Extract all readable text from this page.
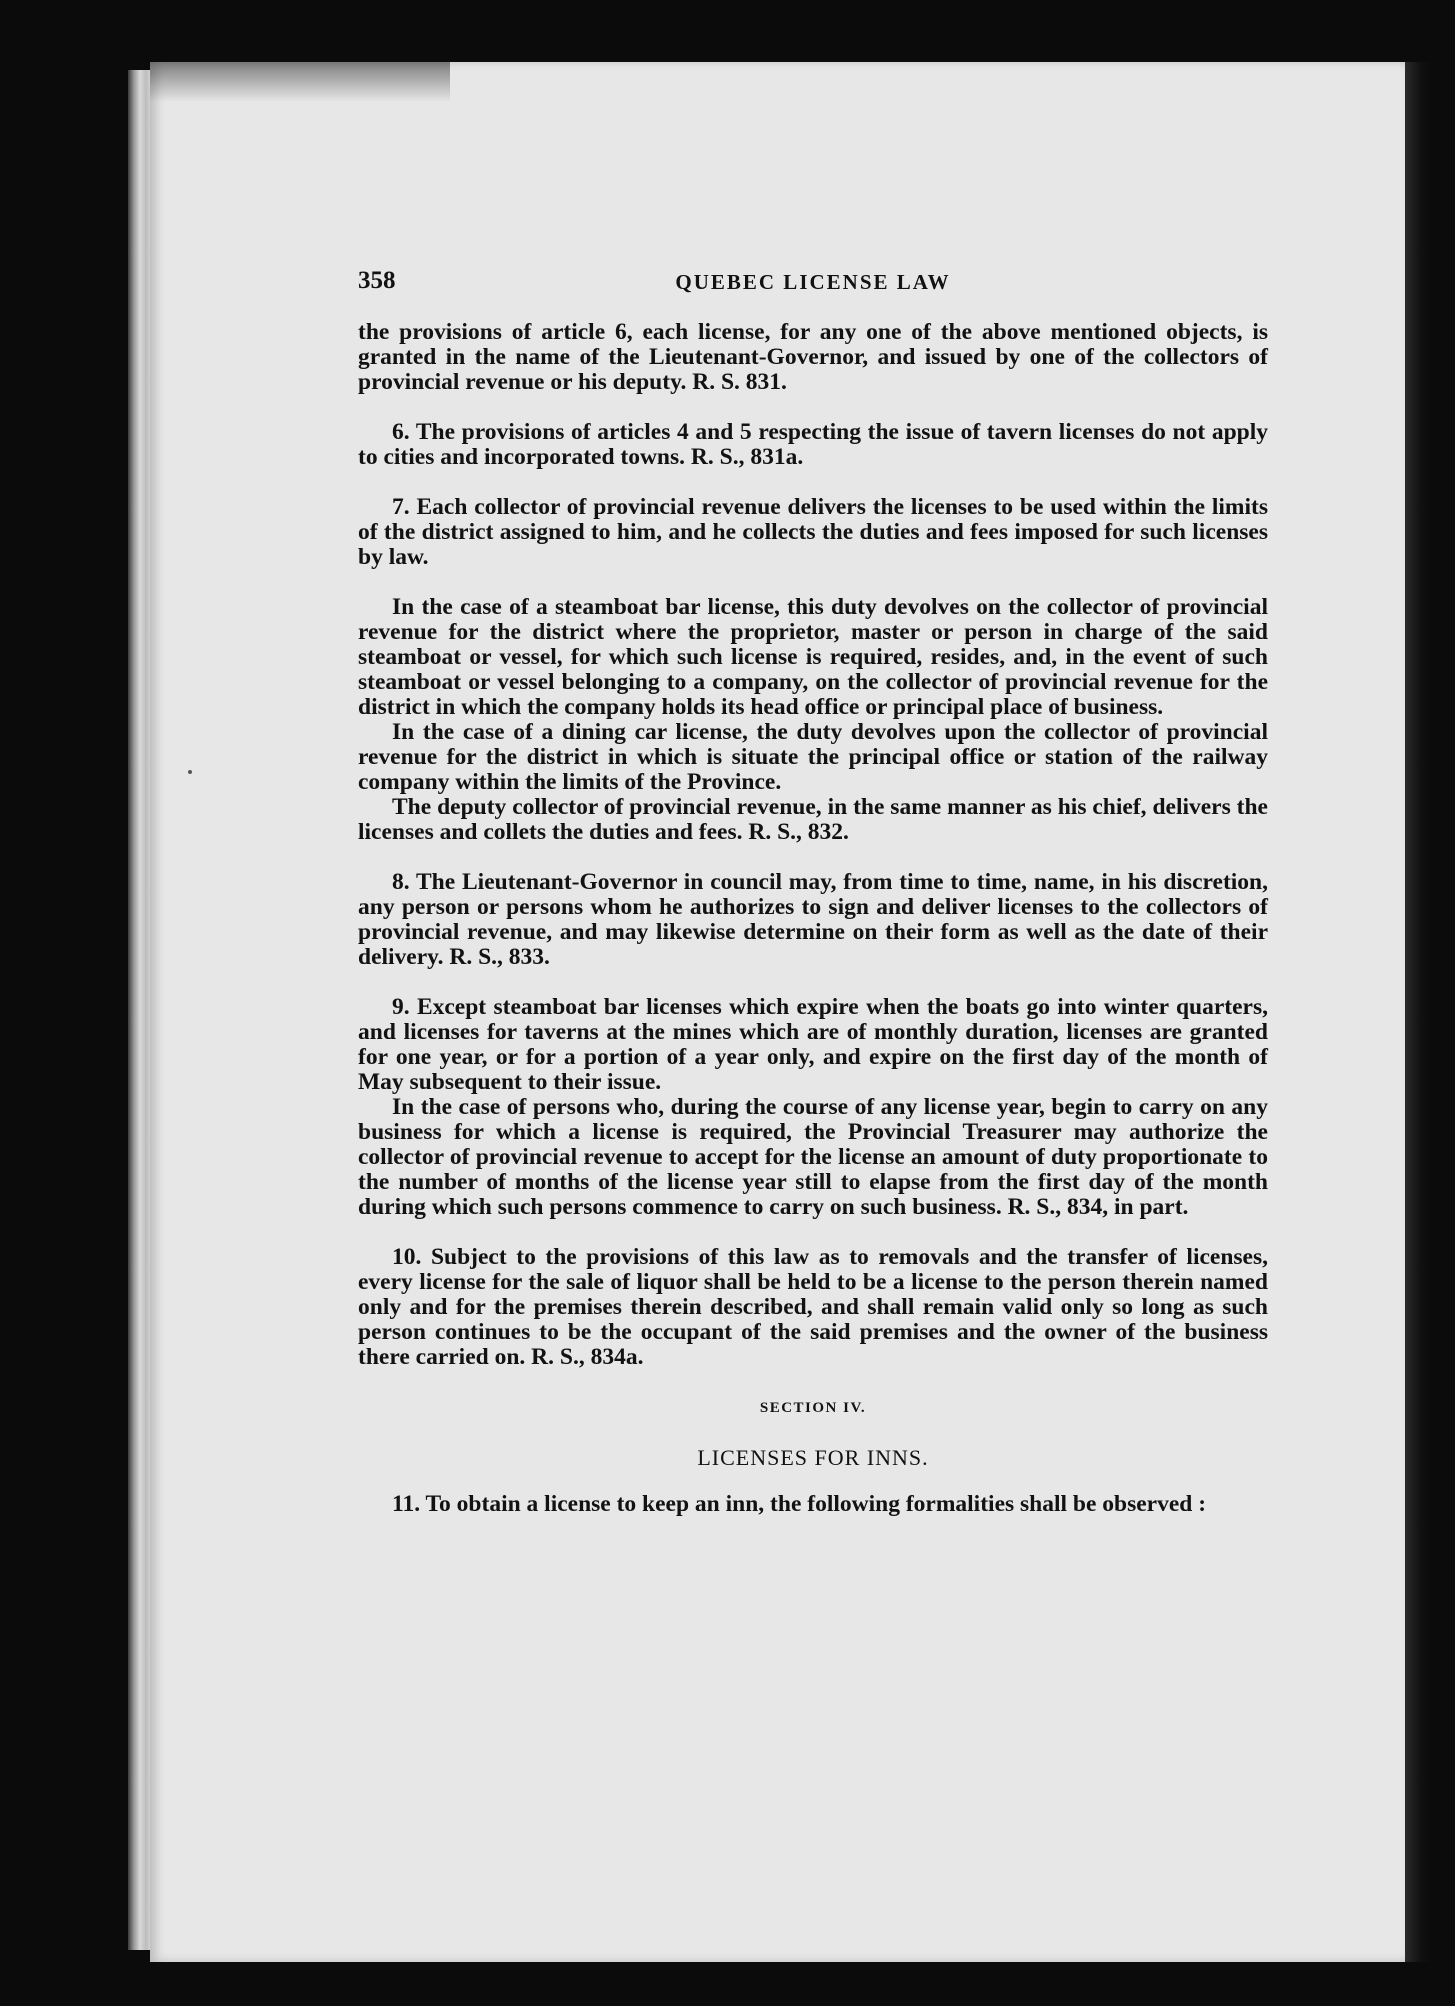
358	QUEBEC LICENSE LAW

the provisions of article 6, each license, for any one of the above mentioned objects, is granted in the name of the Lieutenant-Governor, and issued by one of the collectors of provincial revenue or his deputy. R. S. 831.

6. The provisions of articles 4 and 5 respecting the issue of tavern licenses do not apply to cities and incorporated towns. R. S., 831a.

7. Each collector of provincial revenue delivers the licenses to be used within the limits of the district assigned to him, and he collects the duties and fees imposed for such licenses by law.

In the case of a steamboat bar license, this duty devolves on the collector of provincial revenue for the district where the proprietor, master or person in charge of the said steamboat or vessel, for which such license is required, resides, and, in the event of such steamboat or vessel belonging to a company, on the collector of provincial revenue for the district in which the company holds its head office or principal place of business.

In the case of a dining car license, the duty devolves upon the collector of provincial revenue for the district in which is situate the principal office or station of the railway company within the limits of the Province.

The deputy collector of provincial revenue, in the same manner as his chief, delivers the licenses and collets the duties and fees. R. S., 832.

8. The Lieutenant-Governor in council may, from time to time, name, in his discretion, any person or persons whom he authorizes to sign and deliver licenses to the collectors of provincial revenue, and may likewise determine on their form as well as the date of their delivery. R. S., 833.

9. Except steamboat bar licenses which expire when the boats go into winter quarters, and licenses for taverns at the mines which are of monthly duration, licenses are granted for one year, or for a portion of a year only, and expire on the first day of the month of May subsequent to their issue.

In the case of persons who, during the course of any license year, begin to carry on any business for which a license is required, the Provincial Treasurer may authorize the collector of provincial revenue to accept for the license an amount of duty proportionate to the number of months of the license year still to elapse from the first day of the month during which such persons commence to carry on such business. R. S., 834, in part.

10. Subject to the provisions of this law as to removals and the transfer of licenses, every license for the sale of liquor shall be held to be a license to the person therein named only and for the premises therein described, and shall remain valid only so long as such person continues to be the occupant of the said premises and the owner of the business there carried on. R. S., 834a.

SECTION IV.
LICENSES FOR INNS.

11. To obtain a license to keep an inn, the following formalities shall be observed :
